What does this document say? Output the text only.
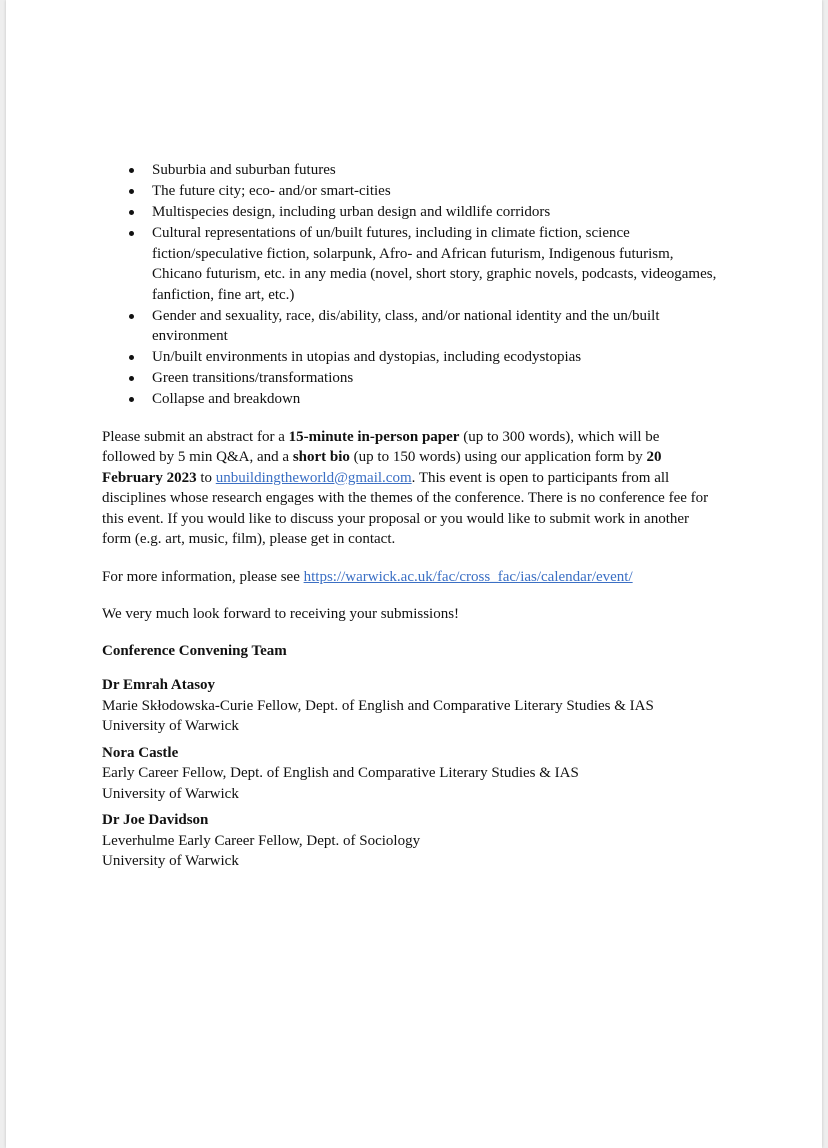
Suburbia and suburban futures
The future city; eco- and/or smart-cities
Multispecies design, including urban design and wildlife corridors
Cultural representations of un/built futures, including in climate fiction, science fiction/speculative fiction, solarpunk, Afro- and African futurism, Indigenous futurism, Chicano futurism, etc. in any media (novel, short story, graphic novels, podcasts, videogames, fanfiction, fine art, etc.)
Gender and sexuality, race, dis/ability, class, and/or national identity and the un/built environment
Un/built environments in utopias and dystopias, including ecodystopias
Green transitions/transformations
Collapse and breakdown

Please submit an abstract for a 15-minute in-person paper (up to 300 words), which will be followed by 5 min Q&A, and a short bio (up to 150 words) using our application form by 20 February 2023 to unbuildingtheworld@gmail.com. This event is open to participants from all disciplines whose research engages with the themes of the conference. There is no conference fee for this event. If you would like to discuss your proposal or you would like to submit work in another form (e.g. art, music, film), please get in contact.

For more information, please see https://warwick.ac.uk/fac/cross_fac/ias/calendar/event/

We very much look forward to receiving your submissions!

Conference Convening Team

Dr Emrah Atasoy
Marie Skłodowska-Curie Fellow, Dept. of English and Comparative Literary Studies & IAS
University of Warwick
Nora Castle
Early Career Fellow, Dept. of English and Comparative Literary Studies & IAS
University of Warwick
Dr Joe Davidson
Leverhulme Early Career Fellow, Dept. of Sociology
University of Warwick
